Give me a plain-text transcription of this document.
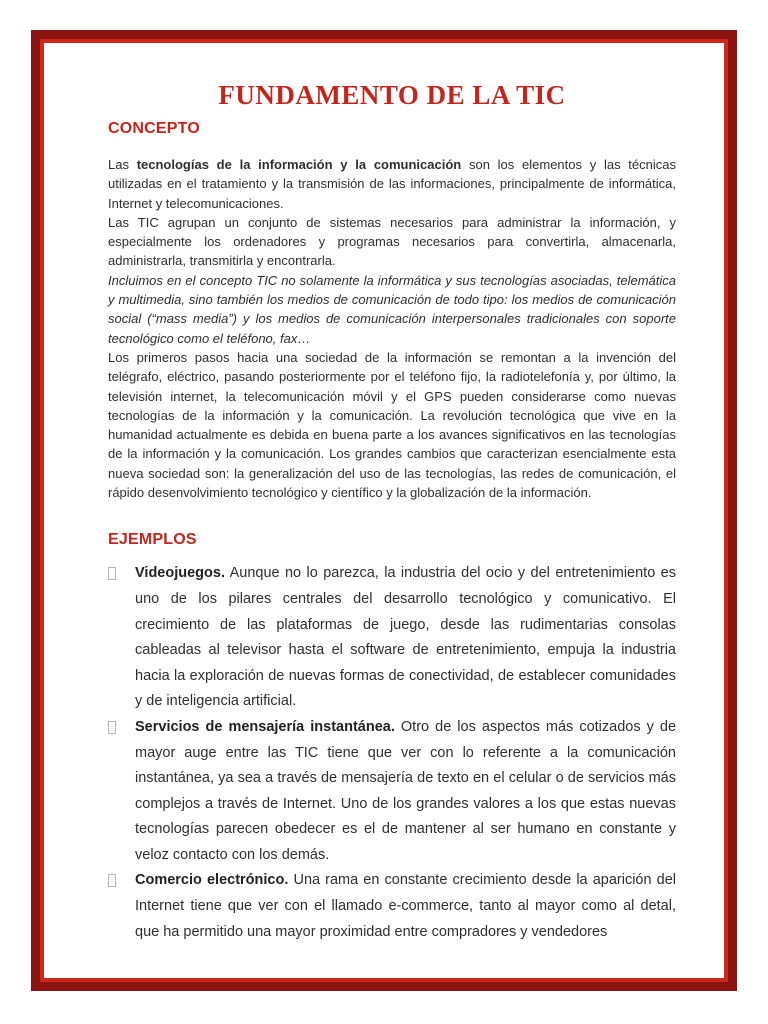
FUNDAMENTO DE LA TIC
CONCEPTO

Las tecnologías de la información y la comunicación son los elementos y las técnicas utilizadas en el tratamiento y la transmisión de las informaciones, principalmente de informática, Internet y telecomunicaciones.

Las TIC agrupan un conjunto de sistemas necesarios para administrar la información, y especialmente los ordenadores y programas necesarios para convertirla, almacenarla, administrarla, transmitirla y encontrarla.

Incluimos en el concepto TIC no solamente la informática y sus tecnologías asociadas, telemática y multimedia, sino también los medios de comunicación de todo tipo: los medios de comunicación social (“mass media”) y los medios de comunicación interpersonales tradicionales con soporte tecnológico como el teléfono, fax…

Los primeros pasos hacia una sociedad de la información se remontan a la invención del telégrafo, eléctrico, pasando posteriormente por el teléfono fijo, la radiotelefonía y, por último, la televisión internet, la telecomunicación móvil y el GPS pueden considerarse como nuevas tecnologías de la información y la comunicación. La revolución tecnológica que vive en la humanidad actualmente es debida en buena parte a los avances significativos en las tecnologías de la información y la comunicación. Los grandes cambios que caracterizan esencialmente esta nueva sociedad son: la generalización del uso de las tecnologías, las redes de comunicación, el rápido desenvolvimiento tecnológico y científico y la globalización de la información.

EJEMPLOS

Videojuegos. Aunque no lo parezca, la industria del ocio y del entretenimiento es uno de los pilares centrales del desarrollo tecnológico y comunicativo. El crecimiento de las plataformas de juego, desde las rudimentarias consolas cableadas al televisor hasta el software de entretenimiento, empuja la industria hacia la exploración de nuevas formas de conectividad, de establecer comunidades y de inteligencia artificial.

Servicios de mensajería instantánea. Otro de los aspectos más cotizados y de mayor auge entre las TIC tiene que ver con lo referente a la comunicación instantánea, ya sea a través de mensajería de texto en el celular o de servicios más complejos a través de Internet. Uno de los grandes valores a los que estas nuevas tecnologías parecen obedecer es el de mantener al ser humano en constante y veloz contacto con los demás.

Comercio electrónico. Una rama en constante crecimiento desde la aparición del Internet tiene que ver con el llamado e-commerce, tanto al mayor como al detal, que ha permitido una mayor proximidad entre compradores y vendedores
